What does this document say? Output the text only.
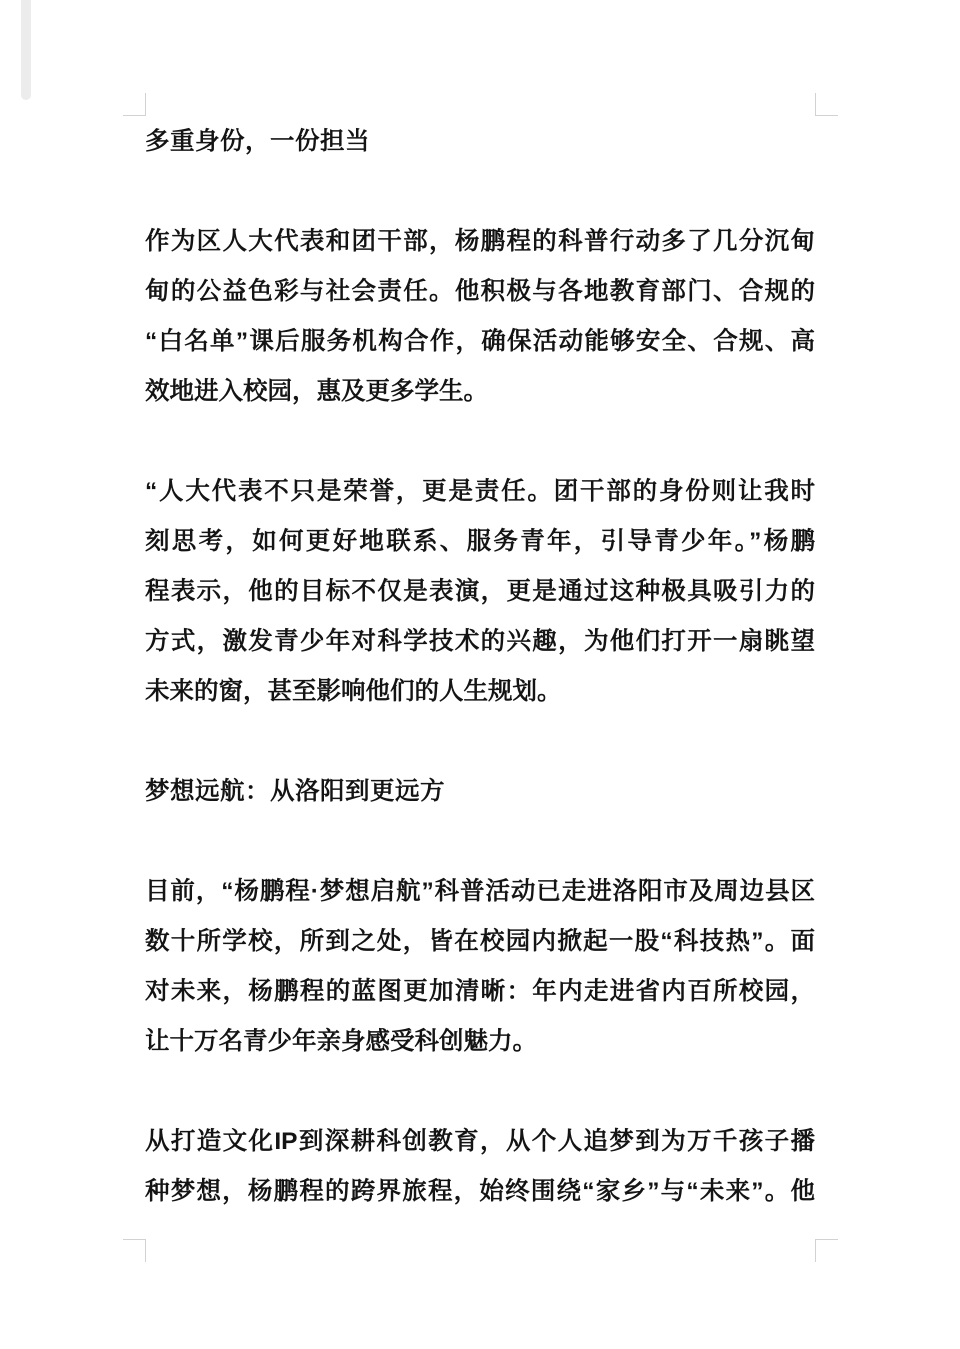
多重身份，一份担当
作为区人大代表和团干部，杨鹏程的科普行动多了几分沉甸
甸的公益色彩与社会责任。他积极与各地教育部门、合规的
“白名单”课后服务机构合作，确保活动能够安全、合规、高
效地进入校园，惠及更多学生。
“人大代表不只是荣誉，更是责任。团干部的身份则让我时
刻思考，如何更好地联系、服务青年，引导青少年。”杨鹏
程表示，他的目标不仅是表演，更是通过这种极具吸引力的
方式，激发青少年对科学技术的兴趣，为他们打开一扇眺望
未来的窗，甚至影响他们的人生规划。
梦想远航：从洛阳到更远方
目前，“杨鹏程·梦想启航”科普活动已走进洛阳市及周边县区
数十所学校，所到之处，皆在校园内掀起一股“科技热”。面
对未来，杨鹏程的蓝图更加清晰：年内走进省内百所校园，
让十万名青少年亲身感受科创魅力。
从打造文化IP到深耕科创教育，从个人追梦到为万千孩子播
种梦想，杨鹏程的跨界旅程，始终围绕“家乡”与“未来”。他
